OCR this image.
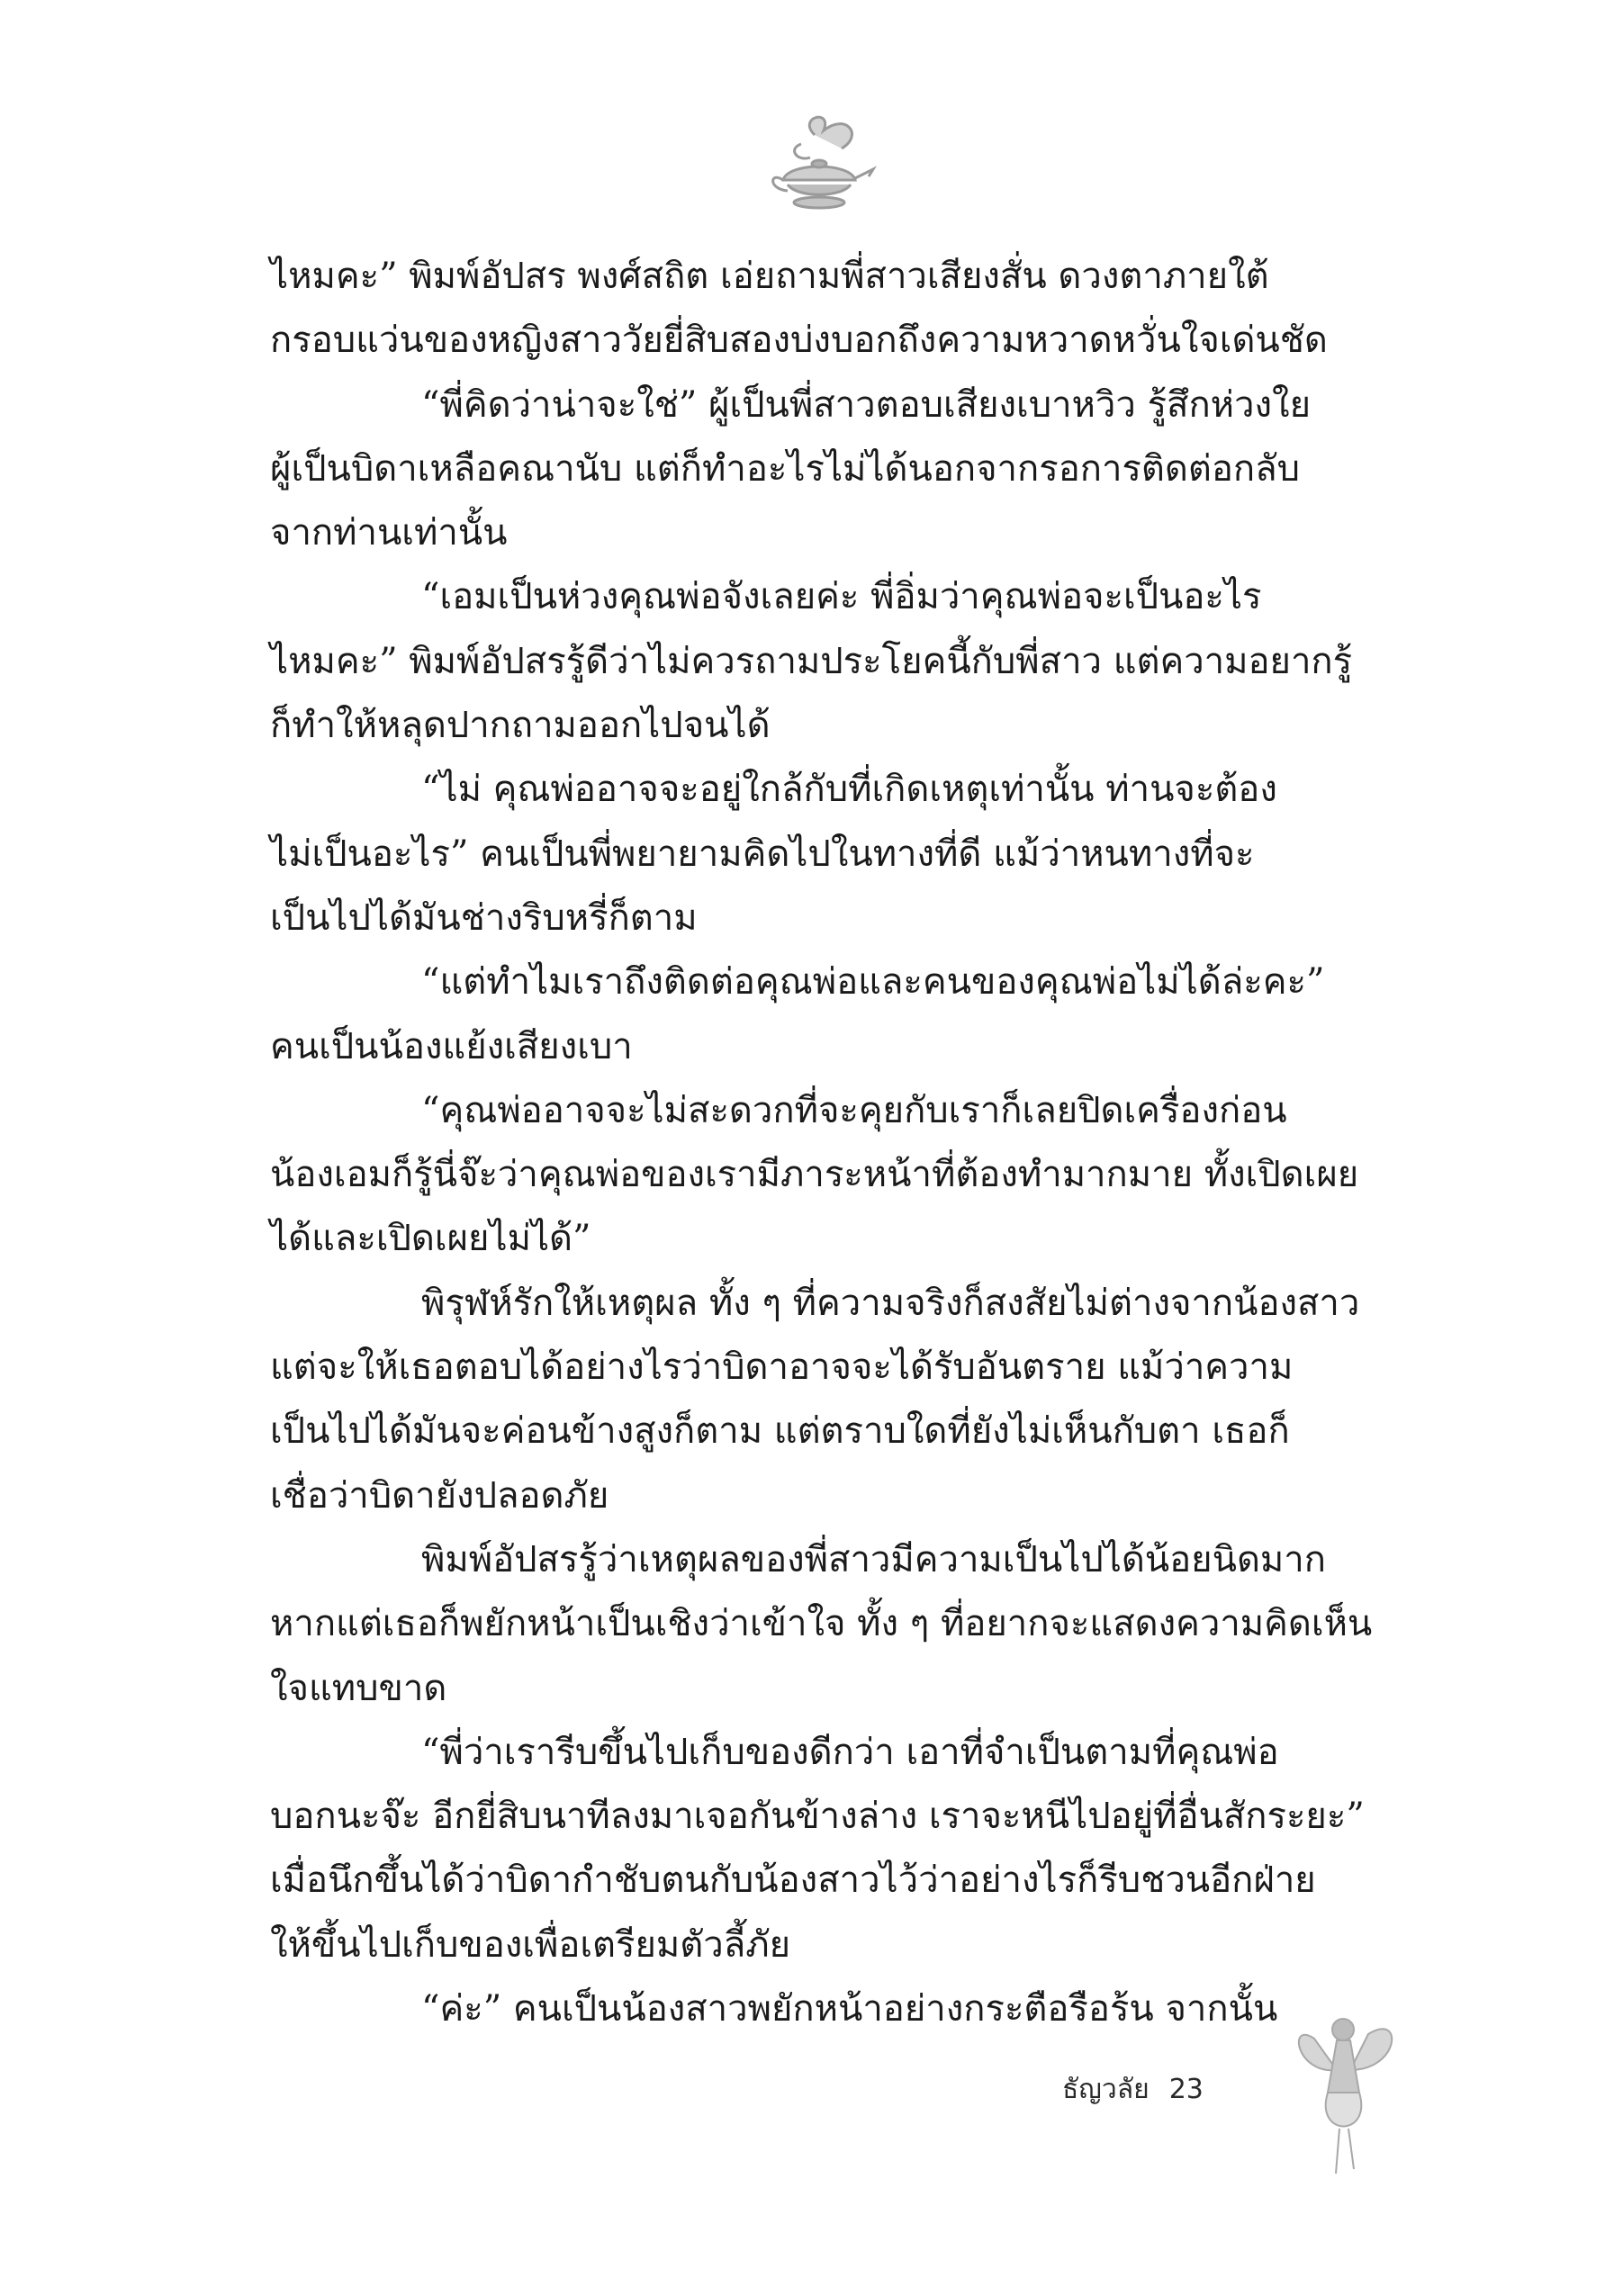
ไหมคะ” พิมพ์อัปสร พงศ์สถิต เอ่ยถามพี่สาวเสียงสั่น ดวงตาภายใต้
กรอบแว่นของหญิงสาววัยยี่สิบสองบ่งบอกถึงความหวาดหวั่นใจเด่นชัด
“พี่คิดว่าน่าจะใช่” ผู้เป็นพี่สาวตอบเสียงเบาหวิว รู้สึกห่วงใย
ผู้เป็นบิดาเหลือคณานับ แต่ก็ทำอะไรไม่ได้นอกจากรอการติดต่อกลับ
จากท่านเท่านั้น
“เอมเป็นห่วงคุณพ่อจังเลยค่ะ พี่อิ่มว่าคุณพ่อจะเป็นอะไร
ไหมคะ” พิมพ์อัปสรรู้ดีว่าไม่ควรถามประโยคนี้กับพี่สาว แต่ความอยากรู้
ก็ทำให้หลุดปากถามออกไปจนได้
“ไม่ คุณพ่ออาจจะอยู่ใกล้กับที่เกิดเหตุเท่านั้น ท่านจะต้อง
ไม่เป็นอะไร” คนเป็นพี่พยายามคิดไปในทางที่ดี แม้ว่าหนทางที่จะ
เป็นไปได้มันช่างริบหรี่ก็ตาม
“แต่ทำไมเราถึงติดต่อคุณพ่อและคนของคุณพ่อไม่ได้ล่ะคะ”
คนเป็นน้องแย้งเสียงเบา
“คุณพ่ออาจจะไม่สะดวกที่จะคุยกับเราก็เลยปิดเครื่องก่อน
น้องเอมก็รู้นี่จ๊ะว่าคุณพ่อของเรามีภาระหน้าที่ต้องทำมากมาย ทั้งเปิดเผย
ได้และเปิดเผยไม่ได้”
พิรุฬห์รักให้เหตุผล ทั้ง ๆ ที่ความจริงก็สงสัยไม่ต่างจากน้องสาว
แต่จะให้เธอตอบได้อย่างไรว่าบิดาอาจจะได้รับอันตราย แม้ว่าความ
เป็นไปได้มันจะค่อนข้างสูงก็ตาม แต่ตราบใดที่ยังไม่เห็นกับตา เธอก็
เชื่อว่าบิดายังปลอดภัย
พิมพ์อัปสรรู้ว่าเหตุผลของพี่สาวมีความเป็นไปได้น้อยนิดมาก
หากแต่เธอก็พยักหน้าเป็นเชิงว่าเข้าใจ ทั้ง ๆ ที่อยากจะแสดงความคิดเห็น
ใจแทบขาด
“พี่ว่าเรารีบขึ้นไปเก็บของดีกว่า เอาที่จำเป็นตามที่คุณพ่อ
บอกนะจ๊ะ อีกยี่สิบนาทีลงมาเจอกันข้างล่าง เราจะหนีไปอยู่ที่อื่นสักระยะ”
เมื่อนึกขึ้นได้ว่าบิดากำชับตนกับน้องสาวไว้ว่าอย่างไรก็รีบชวนอีกฝ่าย
ให้ขึ้นไปเก็บของเพื่อเตรียมตัวลี้ภัย
“ค่ะ” คนเป็นน้องสาวพยักหน้าอย่างกระตือรือร้น จากนั้น
ธัญวลัย 23
